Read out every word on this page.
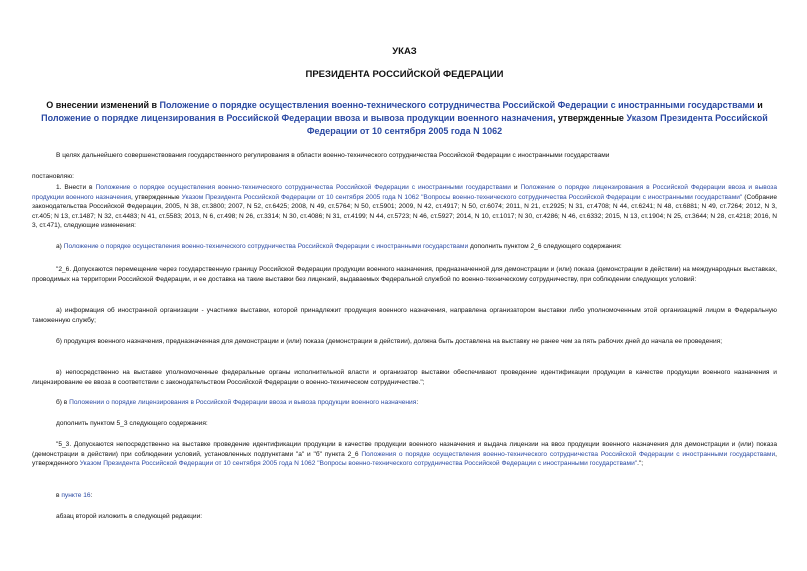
УКАЗ
ПРЕЗИДЕНТА РОССИЙСКОЙ ФЕДЕРАЦИИ
О внесении изменений в Положение о порядке осуществления военно-технического сотрудничества Российской Федерации с иностранными государствами и Положение о порядке лицензирования в Российской Федерации ввоза и вывоза продукции военного назначения, утвержденные Указом Президента Российской Федерации от 10 сентября 2005 года N 1062
В целях дальнейшего совершенствования государственного регулирования в области военно-технического сотрудничества Российской Федерации с иностранными государствами
постановляю:
1. Внести в Положение о порядке осуществления военно-технического сотрудничества Российской Федерации с иностранными государствами и Положение о порядке лицензирования в Российской Федерации ввоза и вывоза продукции военного назначения, утвержденные Указом Президента Российской Федерации от 10 сентября 2005 года N 1062 "Вопросы военно-технического сотрудничества Российской Федерации с иностранными государствами" (Собрание законодательства Российской Федерации, 2005, N 38, ст.3800; 2007, N 52, ст.6425; 2008, N 49, ст.5764; N 50, ст.5901; 2009, N 42, ст.4917; N 50, ст.6074; 2011, N 21, ст.2925; N 31, ст.4708; N 44, ст.6241; N 48, ст.6881; N 49, ст.7264; 2012, N 3, ст.405; N 13, ст.1487; N 32, ст.4483; N 41, ст.5583; 2013, N 6, ст.498; N 26, ст.3314; N 30, ст.4086; N 31, ст.4199; N 44, ст.5723; N 46, ст.5927; 2014, N 10, ст.1017; N 30, ст.4286; N 46, ст.6332; 2015, N 13, ст.1904; N 25, ст.3644; N 28, ст.4218; 2016, N 3, ст.471), следующие изменения:
а) Положение о порядке осуществления военно-технического сотрудничества Российской Федерации с иностранными государствами дополнить пунктом 2_6 следующего содержания:
"2_6. Допускаются перемещение через государственную границу Российской Федерации продукции военного назначения, предназначенной для демонстрации и (или) показа (демонстрации в действии) на международных выставках, проводимых на территории Российской Федерации, и ее доставка на такие выставки без лицензий, выдаваемых Федеральной службой по военно-техническому сотрудничеству, при соблюдении следующих условий:
а) информация об иностранной организации - участнике выставки, которой принадлежит продукция военного назначения, направлена организатором выставки либо уполномоченным этой организацией лицом в Федеральную таможенную службу;
б) продукция военного назначения, предназначенная для демонстрации и (или) показа (демонстрации в действии), должна быть доставлена на выставку не ранее чем за пять рабочих дней до начала ее проведения;
в) непосредственно на выставке уполномоченные федеральные органы исполнительной власти и организатор выставки обеспечивают проведение идентификации продукции в качестве продукции военного назначения и лицензирование ее ввоза в соответствии с законодательством Российской Федерации о военно-техническом сотрудничестве.";
б) в Положении о порядке лицензирования в Российской Федерации ввоза и вывоза продукции военного назначения:
дополнить пунктом 5_3 следующего содержания:
"5_3. Допускаются непосредственно на выставке проведение идентификации продукции в качестве продукции военного назначения и выдача лицензии на ввоз продукции военного назначения для демонстрации и (или) показа (демонстрации в действии) при соблюдении условий, установленных подпунктами "а" и "б" пункта 2_6 Положения о порядке осуществления военно-технического сотрудничества Российской Федерации с иностранными государствами, утвержденного Указом Президента Российской Федерации от 10 сентября 2005 года N 1062 "Вопросы военно-технического сотрудничества Российской Федерации с иностранными государствами".";
в пункте 16:
абзац второй изложить в следующей редакции:
